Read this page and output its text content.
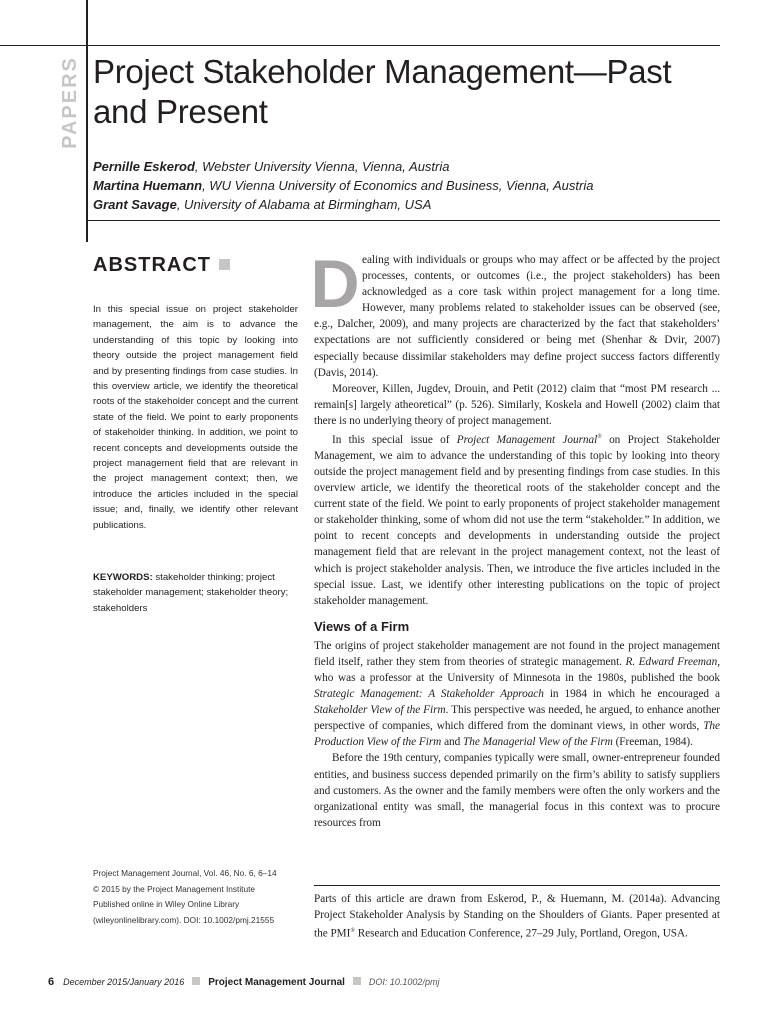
PAPERS Project Stakeholder Management—Past and Present
Pernille Eskerod, Webster University Vienna, Vienna, Austria
Martina Huemann, WU Vienna University of Economics and Business, Vienna, Austria
Grant Savage, University of Alabama at Birmingham, USA
ABSTRACT

In this special issue on project stakeholder management, the aim is to advance the understanding of this topic by looking into theory outside the project management field and by presenting findings from case studies. In this overview article, we identify the theoretical roots of the stakeholder concept and the current state of the field. We point to early proponents of stakeholder thinking. In addition, we point to recent concepts and developments outside the project management field that are relevant in the project management context; then, we introduce the articles included in the special issue; and, finally, we identify other relevant publications.

KEYWORDS: stakeholder thinking; project stakeholder management; stakeholder theory; stakeholders

Project Management Journal, Vol. 46, No. 6, 6–14
© 2015 by the Project Management Institute
Published online in Wiley Online Library
(wileyonlinelibrary.com). DOI: 10.1002/pmj.21555
D ealing with individuals or groups who may affect or be affected by the project processes, contents, or outcomes (i.e., the project stakeholders) has been acknowledged as a core task within project management for a long time. However, many problems related to stakeholder issues can be observed (see, e.g., Dalcher, 2009), and many projects are characterized by the fact that stakeholders’ expectations are not sufficiently considered or being met (Shenhar & Dvir, 2007) especially because dissimilar stakeholders may define project success factors differently (Davis, 2014).

Moreover, Killen, Jugdev, Drouin, and Petit (2012) claim that “most PM research ... remain[s] largely atheoretical” (p. 526). Similarly, Koskela and Howell (2002) claim that there is no underlying theory of project management.

In this special issue of Project Management Journal® on Project Stakeholder Management, we aim to advance the understanding of this topic by looking into theory outside the project management field and by presenting findings from case studies. In this overview article, we identify the theoretical roots of the stakeholder concept and the current state of the field. We point to early proponents of project stakeholder management or stakeholder thinking, some of whom did not use the term “stakeholder.” In addition, we point to recent concepts and developments in understanding outside the project management field that are relevant in the project management context, not the least of which is project stakeholder analysis. Then, we introduce the five articles included in the special issue. Last, we identify other interesting publications on the topic of project stakeholder management.

Views of a Firm

The origins of project stakeholder management are not found in the project management field itself, rather they stem from theories of strategic management. R. Edward Freeman, who was a professor at the University of Minnesota in the 1980s, published the book Strategic Management: A Stakeholder Approach in 1984 in which he encouraged a Stakeholder View of the Firm. This perspective was needed, he argued, to enhance another perspective of companies, which differed from the dominant views, in other words, The Production View of the Firm and The Managerial View of the Firm (Freeman, 1984).

Before the 19th century, companies typically were small, owner-entrepreneur founded entities, and business success depended primarily on the firm’s ability to satisfy suppliers and customers. As the owner and the family members were often the only workers and the organizational entity was small, the managerial focus in this context was to procure resources from

Parts of this article are drawn from Eskerod, P., & Huemann, M. (2014a). Advancing Project Stakeholder Analysis by Standing on the Shoulders of Giants. Paper presented at the PMI® Research and Education Conference, 27–29 July, Portland, Oregon, USA.

6 December 2015/January 2016 Project Management Journal	DOI: 10.1002/pmj
